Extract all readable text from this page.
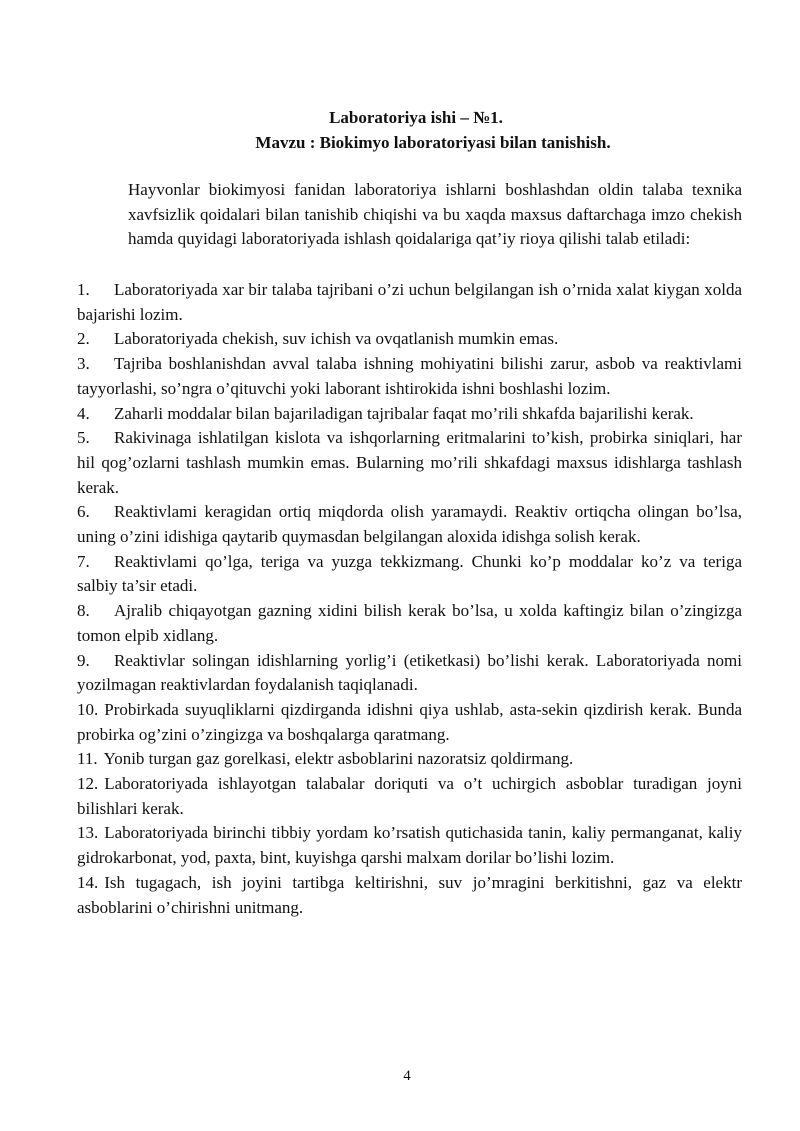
Laboratoriya ishi – №1.
Mavzu : Biokimyo laboratoriyasi bilan tanishish.

Hayvonlar biokimyosi fanidan laboratoriya ishlarni boshlashdan oldin talaba texnika xavfsizlik qoidalari bilan tanishib chiqishi va bu xaqda maxsus daftarchaga imzo chekish hamda quyidagi laboratoriyada ishlash qoidalariga qat’iy rioya qilishi talab etiladi:

1. Laboratoriyada xar bir talaba tajribani o’zi uchun belgilangan ish o’rnida xalat kiygan xolda bajarishi lozim.
2. Laboratoriyada chekish, suv ichish va ovqatlanish mumkin emas.
3. Tajriba boshlanishdan avval talaba ishning mohiyatini bilishi zarur, asbob va reaktivlami tayyorlashi, so’ngra o’qituvchi yoki laborant ishtirokida ishni boshlashi lozim.
4. Zaharli moddalar bilan bajariladigan tajribalar faqat mo’rili shkafda bajarilishi kerak.
5. Rakivinaga ishlatilgan kislota va ishqorlarning eritmalarini to’kish, probirka siniqlari, har hil qog’ozlarni tashlash mumkin emas. Bularning mo’rili shkafdagi maxsus idishlarga tashlash kerak.
6. Reaktivlami keragidan ortiq miqdorda olish yaramaydi. Reaktiv ortiqcha olingan bo’lsa, uning o’zini idishiga qaytarib quymasdan belgilangan aloxida idishga solish kerak.
7. Reaktivlami qo’lga, teriga va yuzga tekkizmang. Chunki ko’p moddalar ko’z va teriga salbiy ta’sir etadi.
8. Ajralib chiqayotgan gazning xidini bilish kerak bo’lsa, u xolda kaftingiz bilan o’zingizga tomon elpib xidlang.
9. Reaktivlar solingan idishlarning yorlig’i (etiketkasi) bo’lishi kerak. Laboratoriyada nomi yozilmagan reaktivlardan foydalanish taqiqlanadi.
10. Probirkada suyuqliklarni qizdirganda idishni qiya ushlab, asta-sekin qizdirish kerak. Bunda probirka og’zini o’zingizga va boshqalarga qaratmang.
11. Yonib turgan gaz gorelkasi, elektr asboblarini nazoratsiz qoldirmang.
12. Laboratoriyada ishlayotgan talabalar doriquti va o’t uchirgich asboblar turadigan joyni bilishlari kerak.
13. Laboratoriyada birinchi tibbiy yordam ko’rsatish qutichasida tanin, kaliy permanganat, kaliy gidrokarbonat, yod, paxta, bint, kuyishga qarshi malxam dorilar bo’lishi lozim.
14. Ish tugagach, ish joyini tartibga keltirishni, suv jo’mragini berkitishni, gaz va elektr asboblarini o’chirishni unitmang.
4
